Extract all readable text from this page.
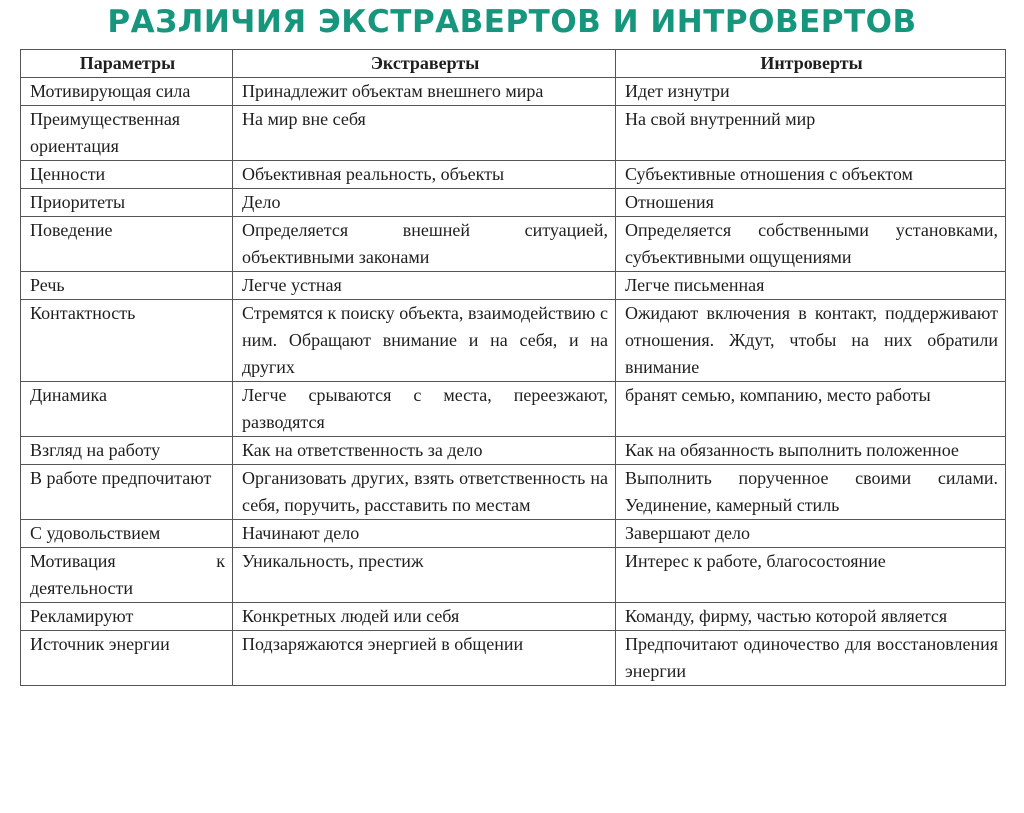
РАЗЛИЧИЯ ЭКСТРАВЕРТОВ И ИНТРОВЕРТОВ
Параметры	Экстраверты	Интроверты
Мотивирующая сила	Принадлежит объектам внешнего мира	Идет изнутри
Преимущественная ориентация	На мир вне себя	На свой внутренний мир
Ценности	Объективная реальность, объекты	Субъективные отношения с объектом
Приоритеты	Дело	Отношения
Поведение	Определяется внешней ситуацией, объективными законами	Определяется собственными установками, субъективными ощущениями
Речь	Легче устная	Легче письменная
Контактность	Стремятся к поиску объекта, взаимодействию с ним. Обращают внимание и на себя, и на других	Ожидают включения в контакт, поддерживают отношения. Ждут, чтобы на них обратили внимание
Динамика	Легче срываются с места, переезжают, разводятся	бранят семью, компанию, место работы
Взгляд на работу	Как на ответственность за дело	Как на обязанность выполнить положенное
В работе предпочитают	Организовать других, взять ответственность на себя, поручить, расставить по местам	Выполнить порученное своими силами. Уединение, камерный стиль
С удовольствием	Начинают дело	Завершают дело
Мотивация к деятельности	Уникальность, престиж	Интерес к работе, благосостояние
Рекламируют	Конкретных людей или себя	Команду, фирму, частью которой является
Источник энергии	Подзаряжаются энергией в общении	Предпочитают одиночество для восстановления энергии
